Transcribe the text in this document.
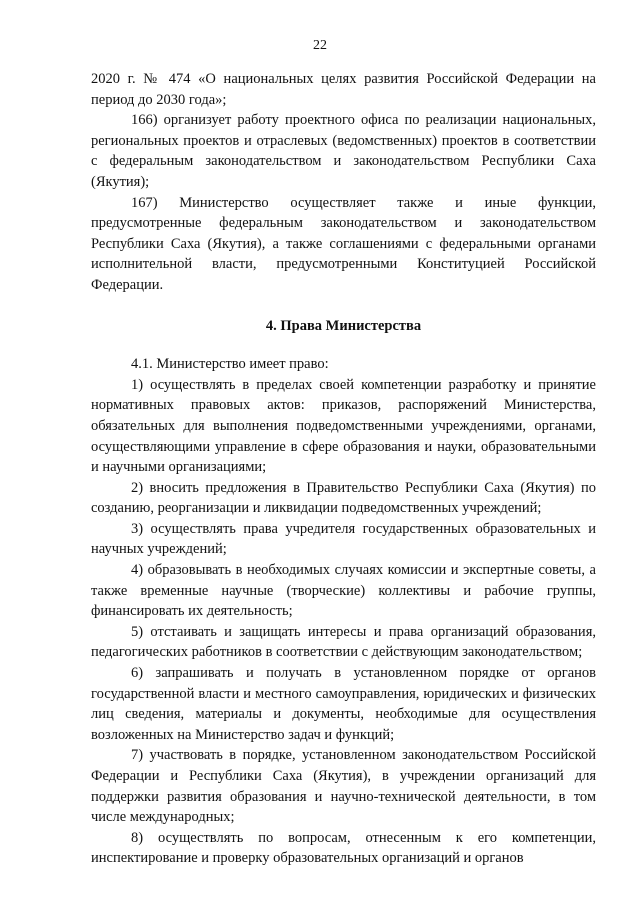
22

2020 г. № 474 «О национальных целях развития Российской Федерации на период до 2030 года»;

166) организует работу проектного офиса по реализации национальных, региональных проектов и отраслевых (ведомственных) проектов в соответствии с федеральным законодательством и законодательством Республики Саха (Якутия);

167) Министерство осуществляет также и иные функции, предусмотренные федеральным законодательством и законодательством Республики Саха (Якутия), а также соглашениями с федеральными органами исполнительной власти, предусмотренными Конституцией Российской Федерации.

4. Права Министерства

4.1. Министерство имеет право:

1) осуществлять в пределах своей компетенции разработку и принятие нормативных правовых актов: приказов, распоряжений Министерства, обязательных для выполнения подведомственными учреждениями, органами, осуществляющими управление в сфере образования и науки, образовательными и научными организациями;

2) вносить предложения в Правительство Республики Саха (Якутия) по созданию, реорганизации и ликвидации подведомственных учреждений;

3) осуществлять права учредителя государственных образовательных и научных учреждений;

4) образовывать в необходимых случаях комиссии и экспертные советы, а также временные научные (творческие) коллективы и рабочие группы, финансировать их деятельность;

5) отстаивать и защищать интересы и права организаций образования, педагогических работников в соответствии с действующим законодательством;

6) запрашивать и получать в установленном порядке от органов государственной власти и местного самоуправления, юридических и физических лиц сведения, материалы и документы, необходимые для осуществления возложенных на Министерство задач и функций;

7) участвовать в порядке, установленном законодательством Российской Федерации и Республики Саха (Якутия), в учреждении организаций для поддержки развития образования и научно-технической деятельности, в том числе международных;

8) осуществлять по вопросам, отнесенным к его компетенции, инспектирование и проверку образовательных организаций и органов
